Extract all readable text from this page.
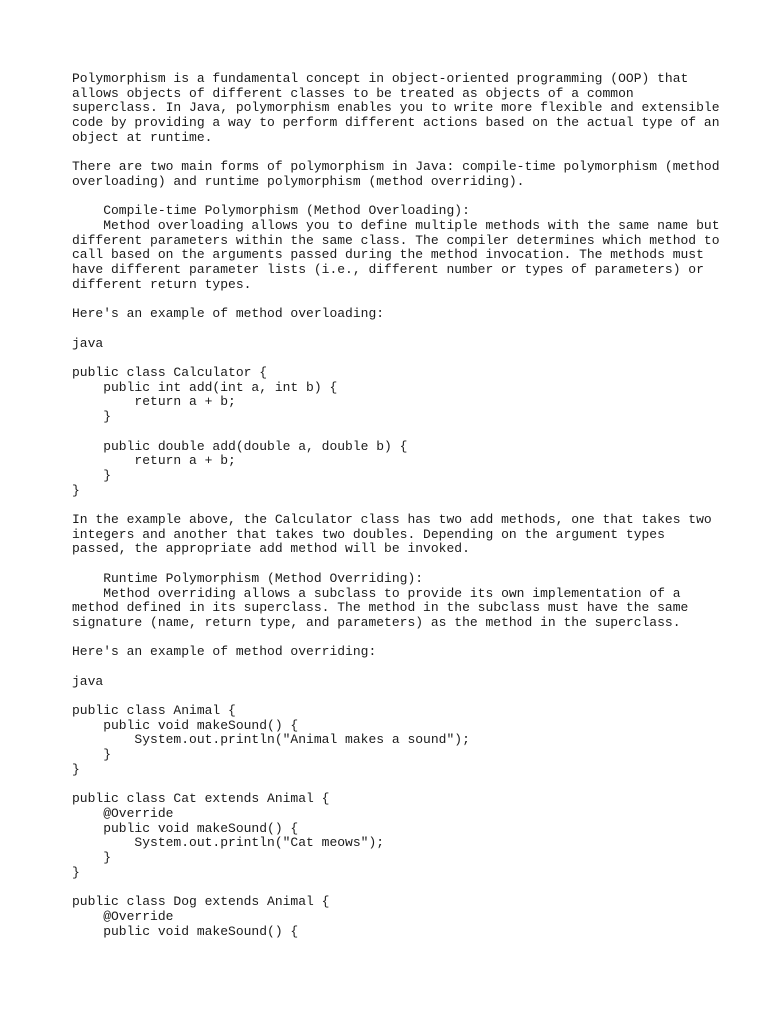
Polymorphism is a fundamental concept in object-oriented programming (OOP) that
allows objects of different classes to be treated as objects of a common
superclass. In Java, polymorphism enables you to write more flexible and extensible
code by providing a way to perform different actions based on the actual type of an
object at runtime.
There are two main forms of polymorphism in Java: compile-time polymorphism (method
overloading) and runtime polymorphism (method overriding).
Compile-time Polymorphism (Method Overloading):
Method overloading allows you to define multiple methods with the same name but
different parameters within the same class. The compiler determines which method to
call based on the arguments passed during the method invocation. The methods must
have different parameter lists (i.e., different number or types of parameters) or
different return types.
Here's an example of method overloading:
java
public class Calculator {
public int add(int a, int b) {
return a + b;
}

public double add(double a, double b) {
return a + b;
}
}
In the example above, the Calculator class has two add methods, one that takes two
integers and another that takes two doubles. Depending on the argument types
passed, the appropriate add method will be invoked.
Runtime Polymorphism (Method Overriding):
Method overriding allows a subclass to provide its own implementation of a
method defined in its superclass. The method in the subclass must have the same
signature (name, return type, and parameters) as the method in the superclass.
Here's an example of method overriding:
java
public class Animal {
public void makeSound() {
System.out.println("Animal makes a sound");
}
}
public class Cat extends Animal {
@Override
public void makeSound() {
System.out.println("Cat meows");
}
}
public class Dog extends Animal {
@Override
public void makeSound() {
